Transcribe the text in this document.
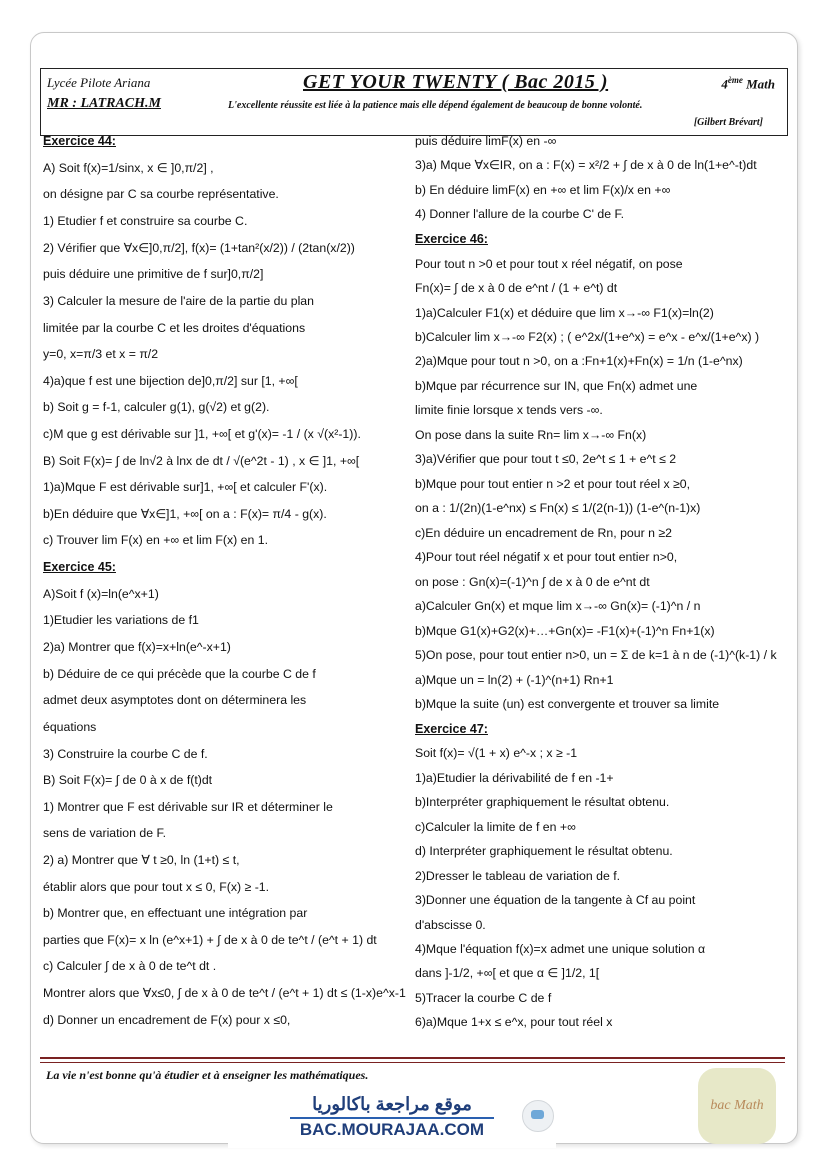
Lycée Pilote Ariana
MR : LATRACH.M
GET YOUR TWENTY ( Bac 2015 )	4ème Math
L'excellente réussite est liée à la patience mais elle dépend également de beaucoup de bonne volonté.
[Gilbert Brévart]

Exercice 44:

A) Soit f(x)=1/sinx, x ∈ ]0,π/2] ,

on désigne par C sa courbe représentative.

1) Etudier f et construire sa courbe C.

2) Vérifier que ∀x∈]0,π/2], f(x)= (1+tan²(x/2)) / (2tan(x/2))

puis déduire une primitive de f sur]0,π/2]

3) Calculer la mesure de l'aire de la partie du plan

limitée par la courbe C et les droites d'équations

y=0, x=π/3 et x = π/2

4)a)que f est une bijection de]0,π/2] sur [1, +∞[

b) Soit g = f-1, calculer g(1), g(√2) et g(2).

c)M que g est dérivable sur ]1, +∞[ et g'(x)= -1 / (x √(x²-1)).

B) Soit F(x)= ∫ de ln√2 à lnx de dt / √(e^2t - 1) , x ∈ ]1, +∞[

1)a)Mque F est dérivable sur]1, +∞[ et calculer F'(x).

b)En déduire que ∀x∈]1, +∞[ on a : F(x)= π/4 - g(x).

c) Trouver lim F(x) en +∞ et lim F(x) en 1.

Exercice 45:

A)Soit f (x)=ln(e^x+1)

1)Etudier les variations de f1

2)a) Montrer que f(x)=x+ln(e^-x+1)

b) Déduire de ce qui précède que la courbe C de f

admet deux asymptotes dont on déterminera les

équations

3) Construire la courbe C de f.

B) Soit F(x)= ∫ de 0 à x de f(t)dt

1) Montrer que F est dérivable sur IR et déterminer le

sens de variation de F.

2) a) Montrer que ∀ t ≥0, ln (1+t) ≤ t,

établir alors que pour tout x ≤ 0, F(x) ≥ -1.

b) Montrer que, en effectuant une intégration par

parties que F(x)= x ln (e^x+1) + ∫ de x à 0 de te^t / (e^t + 1) dt

c) Calculer ∫ de x à 0 de te^t dt .

Montrer alors que ∀x≤0, ∫ de x à 0 de te^t / (e^t + 1) dt ≤ (1-x)e^x-1

d) Donner un encadrement de F(x) pour x ≤0,

puis déduire limF(x) en -∞

3)a) Mque ∀x∈IR, on a : F(x) = x²/2 + ∫ de x à 0 de ln(1+e^-t)dt

b) En déduire limF(x) en +∞ et lim F(x)/x en +∞

4) Donner l'allure de la courbe C' de F.

Exercice 46:

Pour tout n >0 et pour tout x réel négatif, on pose

Fn(x)= ∫ de x à 0 de e^nt / (1 + e^t) dt

1)a)Calculer F1(x) et déduire que lim x→-∞ F1(x)=ln(2)

b)Calculer lim x→-∞ F2(x) ; ( e^2x/(1+e^x) = e^x - e^x/(1+e^x) )

2)a)Mque pour tout n >0, on a :Fn+1(x)+Fn(x) = 1/n (1-e^nx)

b)Mque par récurrence sur IN, que Fn(x) admet une

limite finie lorsque x tends vers -∞.

On pose dans la suite Rn= lim x→-∞ Fn(x)

3)a)Vérifier que pour tout t ≤0, 2e^t ≤ 1 + e^t ≤ 2

b)Mque pour tout entier n >2 et pour tout réel x ≥0,

on a : 1/(2n)(1-e^nx) ≤ Fn(x) ≤ 1/(2(n-1)) (1-e^(n-1)x)

c)En déduire un encadrement de Rn, pour n ≥2

4)Pour tout réel négatif x et pour tout entier n>0,

on pose : Gn(x)=(-1)^n ∫ de x à 0 de e^nt dt

a)Calculer Gn(x) et mque lim x→-∞ Gn(x)= (-1)^n / n

b)Mque G1(x)+G2(x)+…+Gn(x)= -F1(x)+(-1)^n Fn+1(x)

5)On pose, pour tout entier n>0, un = Σ de k=1 à n de (-1)^(k-1) / k

a)Mque un = ln(2) + (-1)^(n+1) Rn+1

b)Mque la suite (un) est convergente et trouver sa limite

Exercice 47:

Soit f(x)= √(1 + x) e^-x ; x ≥ -1

1)a)Etudier la dérivabilité de f en -1+

b)Interpréter graphiquement le résultat obtenu.

c)Calculer la limite de f en +∞

d) Interpréter graphiquement le résultat obtenu.

2)Dresser le tableau de variation de f.

3)Donner une équation de la tangente à Cf au point

d'abscisse 0.

4)Mque l'équation f(x)=x admet une unique solution α

dans ]-1/2, +∞[ et que α ∈ ]1/2, 1[

5)Tracer la courbe C de f

6)a)Mque 1+x ≤ e^x, pour tout réel x

La vie n'est bonne qu'à étudier et à enseigner les mathématiques.
موقع مراجعة باكالوريا
BAC.MOURAJAA.COM
bac Math
